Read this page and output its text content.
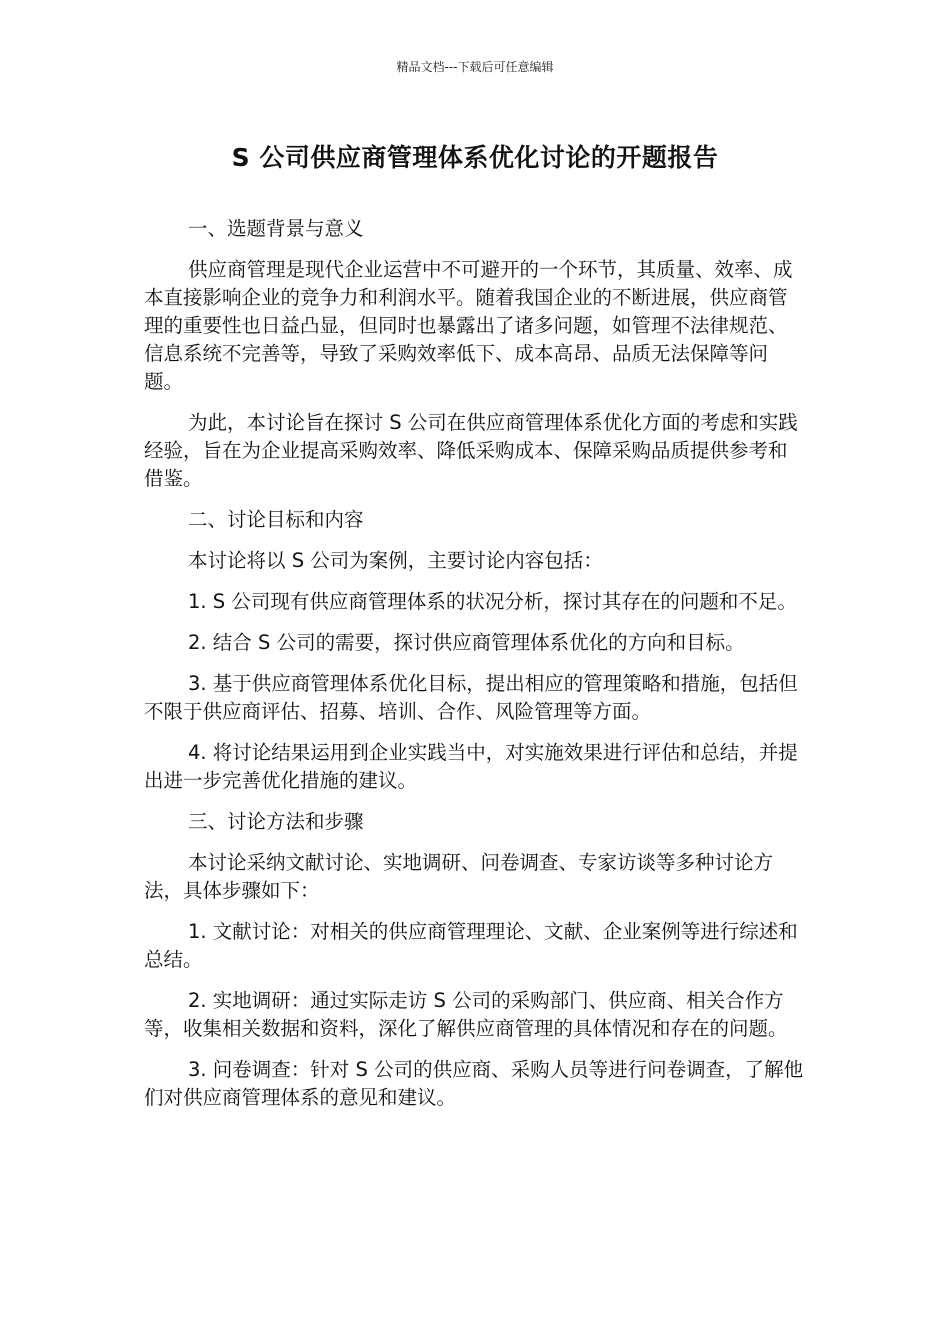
精品文档---下载后可任意编辑
S 公司供应商管理体系优化讨论的开题报告

一、选题背景与意义

供应商管理是现代企业运营中不可避开的一个环节，其质量、效率、成本直接影响企业的竞争力和利润水平。随着我国企业的不断进展，供应商管理的重要性也日益凸显，但同时也暴露出了诸多问题，如管理不法律规范、信息系统不完善等，导致了采购效率低下、成本高昂、品质无法保障等问题。

为此，本讨论旨在探讨 S 公司在供应商管理体系优化方面的考虑和实践经验，旨在为企业提高采购效率、降低采购成本、保障采购品质提供参考和借鉴。

二、讨论目标和内容

本讨论将以 S 公司为案例，主要讨论内容包括：

1. S 公司现有供应商管理体系的状况分析，探讨其存在的问题和不足。

2. 结合 S 公司的需要，探讨供应商管理体系优化的方向和目标。

3. 基于供应商管理体系优化目标，提出相应的管理策略和措施，包括但不限于供应商评估、招募、培训、合作、风险管理等方面。

4. 将讨论结果运用到企业实践当中，对实施效果进行评估和总结，并提出进一步完善优化措施的建议。

三、讨论方法和步骤

本讨论采纳文献讨论、实地调研、问卷调查、专家访谈等多种讨论方法，具体步骤如下：

1. 文献讨论：对相关的供应商管理理论、文献、企业案例等进行综述和总结。

2. 实地调研：通过实际走访 S 公司的采购部门、供应商、相关合作方等，收集相关数据和资料，深化了解供应商管理的具体情况和存在的问题。

3. 问卷调查：针对 S 公司的供应商、采购人员等进行问卷调查，了解他们对供应商管理体系的意见和建议。
